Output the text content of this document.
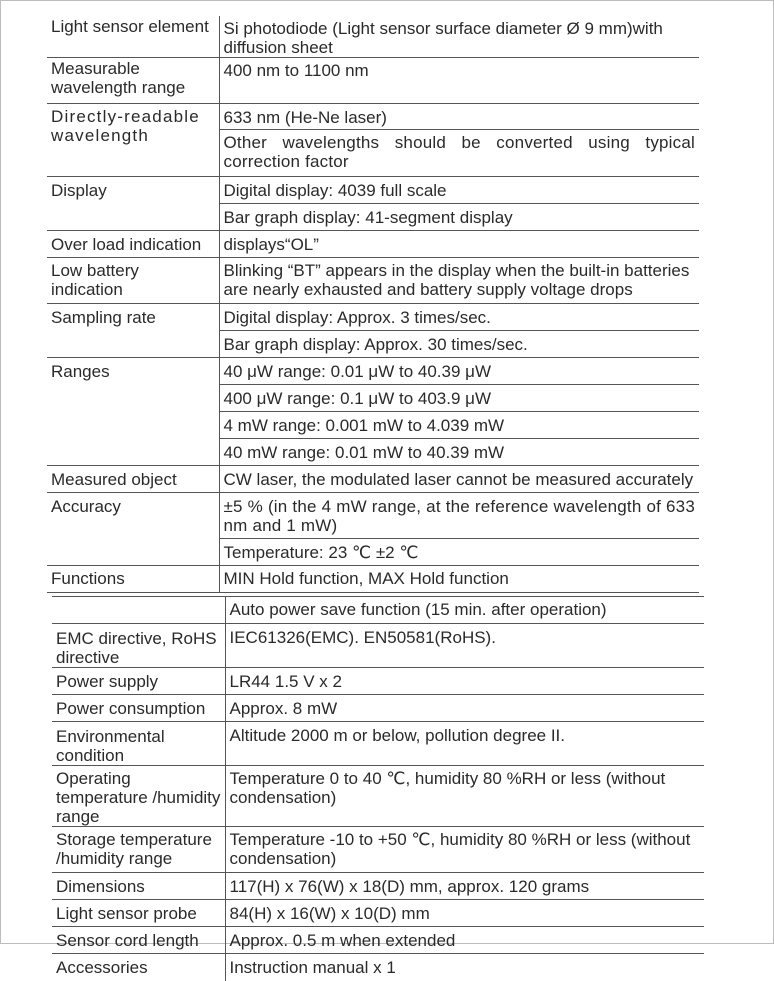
Light sensor element	Si photodiode (Light sensor surface diameter Ø 9 mm)with diffusion sheet
Measurable wavelength range	400 nm to 1100 nm
Directly-readable wavelength	633 nm (He-Ne laser)
	Other wavelengths should be converted using typical correction factor
Display	Digital display: 4039 full scale
	Bar graph display: 41-segment display
Over load indication	displays“OL”
Low battery indication	Blinking “BT” appears in the display when the built-in batteries are nearly exhausted and battery supply voltage drops
Sampling rate	Digital display: Approx. 3 times/sec.
	Bar graph display: Approx. 30 times/sec.
Ranges	40 μW range: 0.01 μW to 40.39 μW
	400 μW range: 0.1 μW to 403.9 μW
	4 mW range: 0.001 mW to 4.039 mW
	40 mW range: 0.01 mW to 40.39 mW
Measured object	CW laser, the modulated laser cannot be measured accurately
Accuracy	±5 % (in the 4 mW range, at the reference wavelength of 633 nm and 1 mW)
	Temperature: 23 ℃ ±2 ℃
Functions	MIN Hold function, MAX Hold function
	Auto power save function (15 min. after operation)
EMC directive, RoHS directive	IEC61326(EMC). EN50581(RoHS).
Power supply	LR44 1.5 V x 2
Power consumption	Approx. 8 mW
Environmental condition	Altitude 2000 m or below, pollution degree II.
Operating temperature /humidity range	Temperature 0 to 40 ℃, humidity 80 %RH or less (without condensation)
Storage temperature /humidity range	Temperature -10 to +50 ℃, humidity 80 %RH or less (without condensation)
Dimensions	117(H) x 76(W) x 18(D) mm, approx. 120 grams
Light sensor probe	84(H) x 16(W) x 10(D) mm
Sensor cord length	Approx. 0.5 m when extended
Accessories	Instruction manual x 1
